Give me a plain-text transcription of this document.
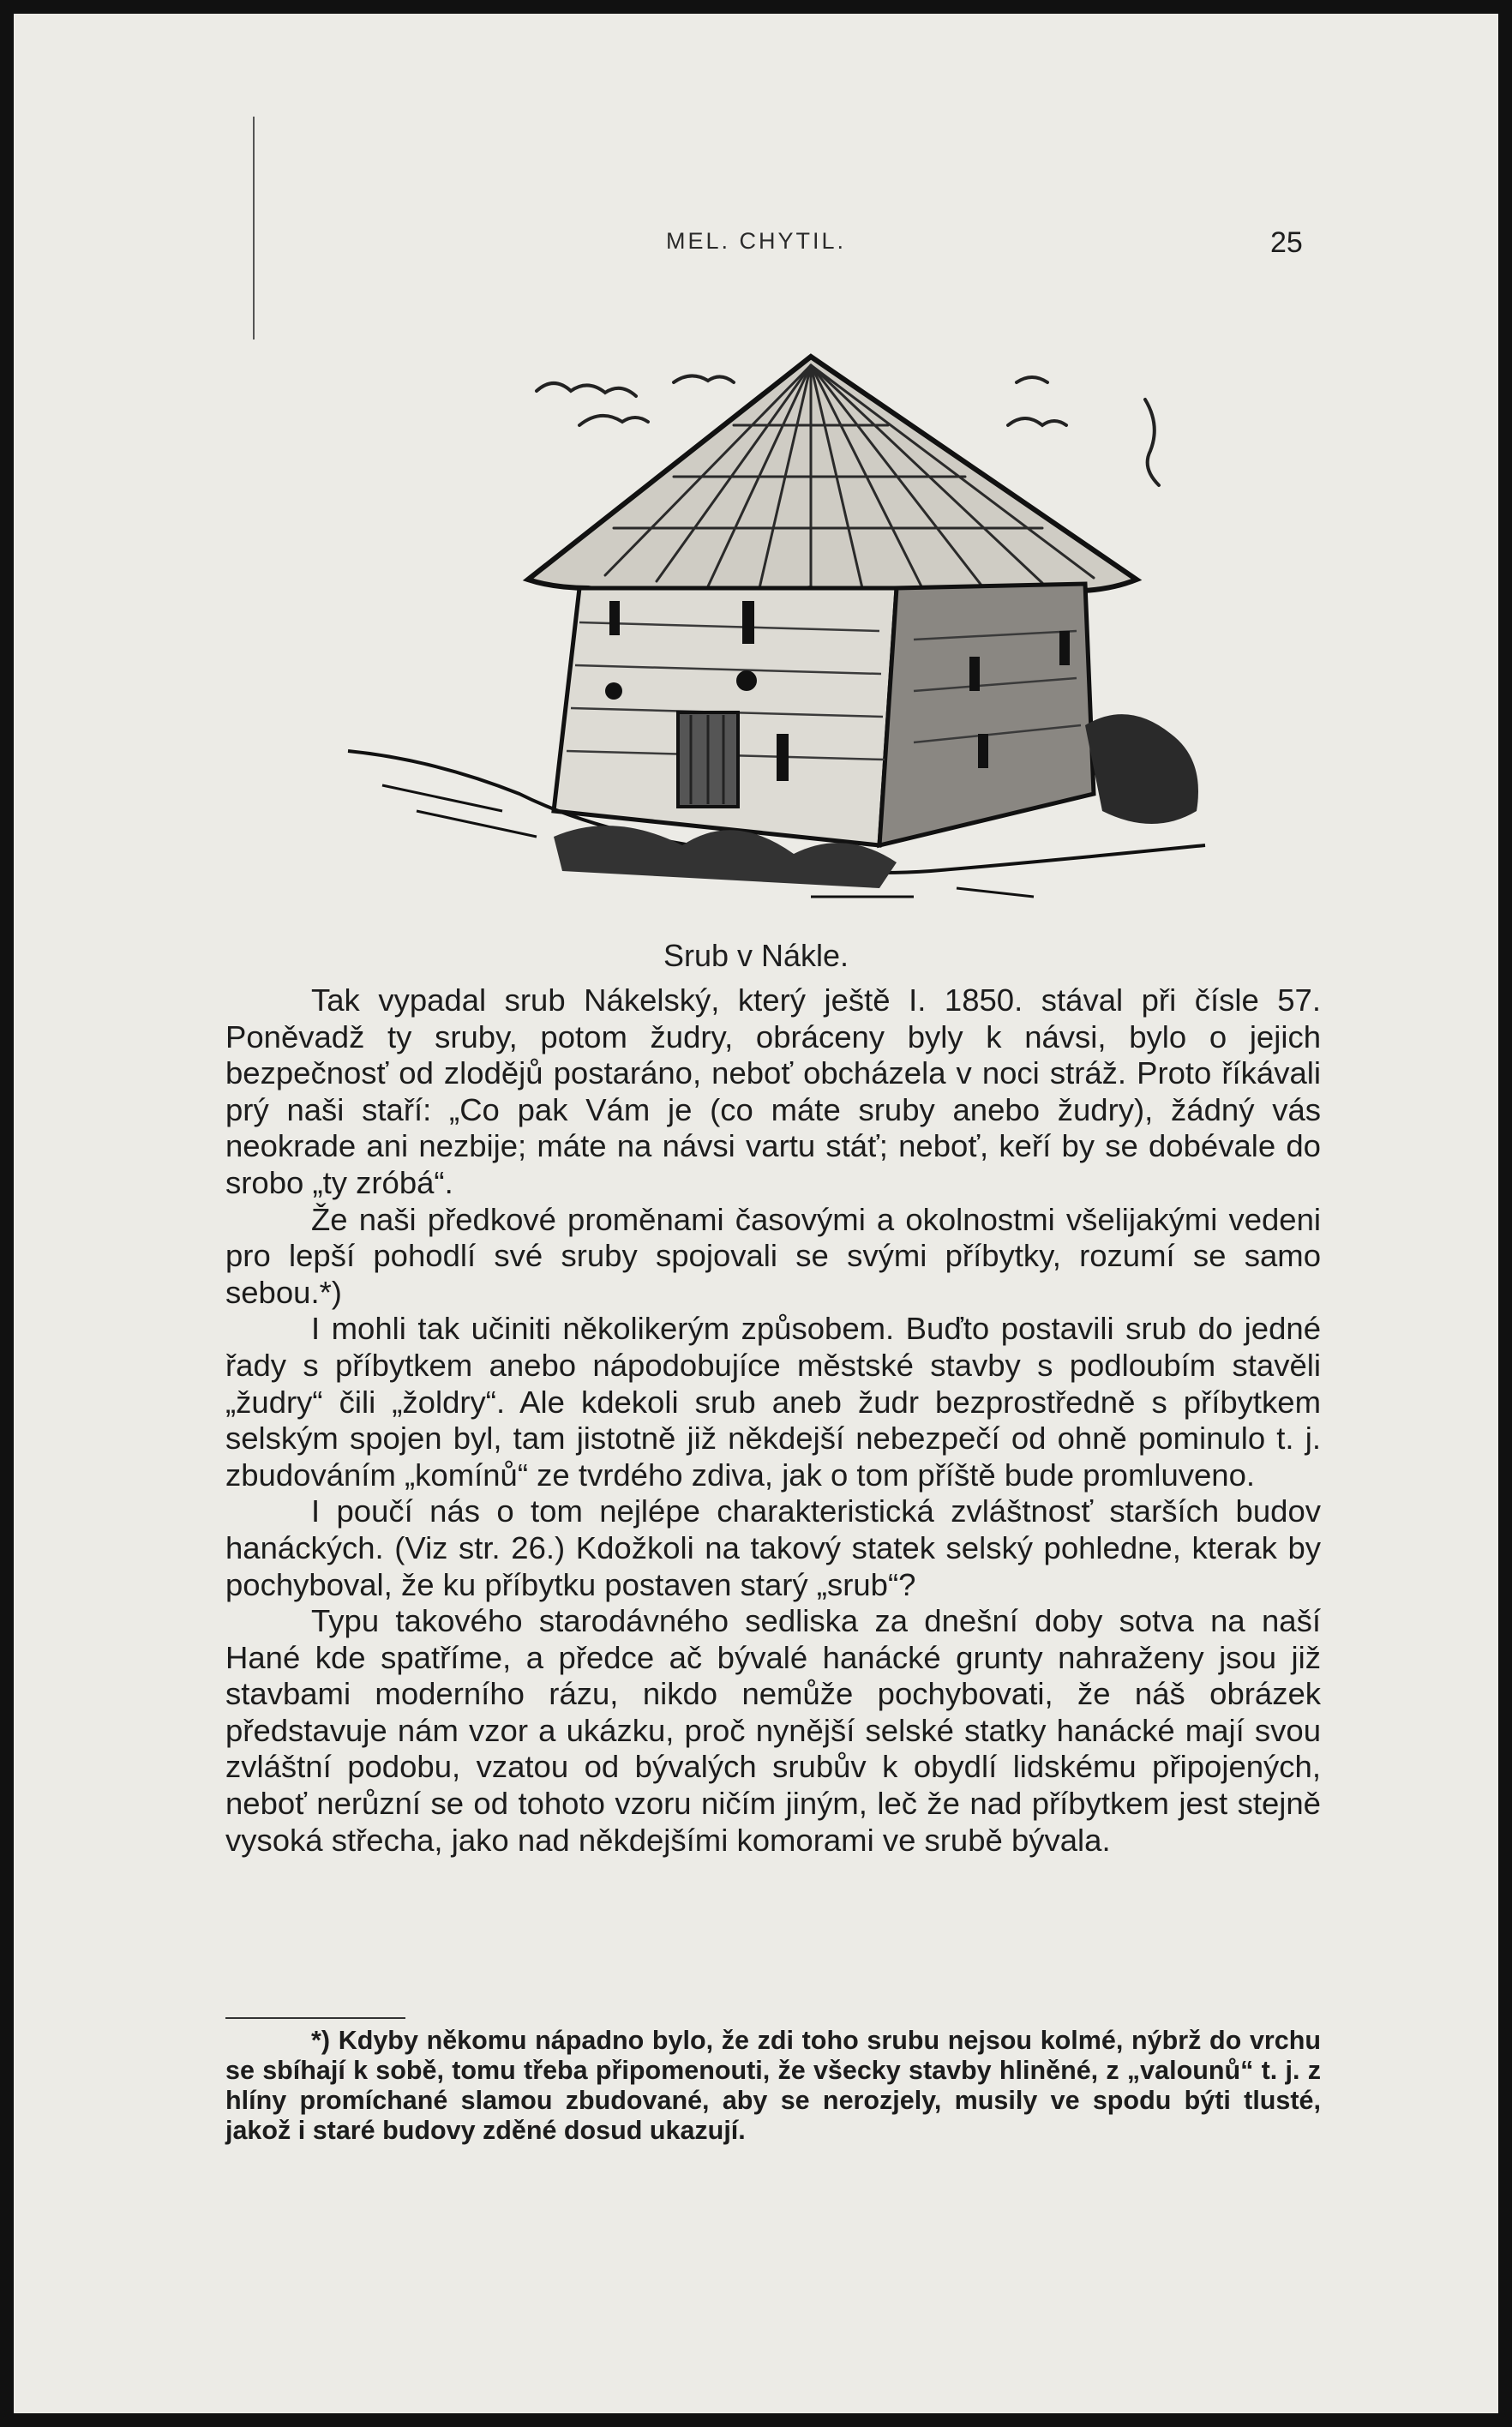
MEL. CHYTIL.	25
Srub v Nákle.

Tak vypadal srub Nákelský, který ještě I. 1850. stával při čísle 57. Poněvadž ty sruby, potom žudry, obráceny byly k návsi, bylo o jejich bezpečnosť od zlodějů postaráno, neboť obcházela v noci stráž. Proto říkávali prý naši staří: „Co pak Vám je (co máte sruby anebo žudry), žádný vás neokrade ani nezbije; máte na návsi vartu stáť; neboť, keří by se dobévale do srobo „ty zróbá“.

Že naši předkové proměnami časovými a okolnostmi všelijakými vedeni pro lepší pohodlí své sruby spojovali se svými příbytky, rozumí se samo sebou.*)

I mohli tak učiniti několikerým způsobem. Buďto postavili srub do jedné řady s příbytkem anebo nápodobujíce městské stavby s podloubím stavěli „žudry“ čili „žoldry“. Ale kdekoli srub aneb žudr bezprostředně s příbytkem selským spojen byl, tam jistotně již někdejší nebezpečí od ohně pominulo t. j. zbudováním „komínů“ ze tvrdého zdiva, jak o tom příště bude promluveno.

I poučí nás o tom nejlépe charakteristická zvláštnosť starších budov hanáckých. (Viz str. 26.) Kdožkoli na takový statek selský pohledne, kterak by pochyboval, že ku příbytku postaven starý „srub“?

Typu takového starodávného sedliska za dnešní doby sotva na naší Hané kde spatříme, a předce ač bývalé hanácké grunty nahraženy jsou již stavbami moderního rázu, nikdo nemůže pochybovati, že náš obrázek představuje nám vzor a ukázku, proč nynější selské statky hanácké mají svou zvláštní podobu, vzatou od bývalých srubův k obydlí lidskému připojených, neboť nerůzní se od tohoto vzoru ničím jiným, leč že nad příbytkem jest stejně vysoká střecha, jako nad někdejšími komorami ve srubě bývala.

*) Kdyby někomu nápadno bylo, že zdi toho srubu nejsou kolmé, nýbrž do vrchu se sbíhají k sobě, tomu třeba připomenouti, že všecky stavby hliněné, z „valounů“ t. j. z hlíny promíchané slamou zbudované, aby se nerozjely, musily ve spodu býti tlusté, jakož i staré budovy zděné dosud ukazují.
